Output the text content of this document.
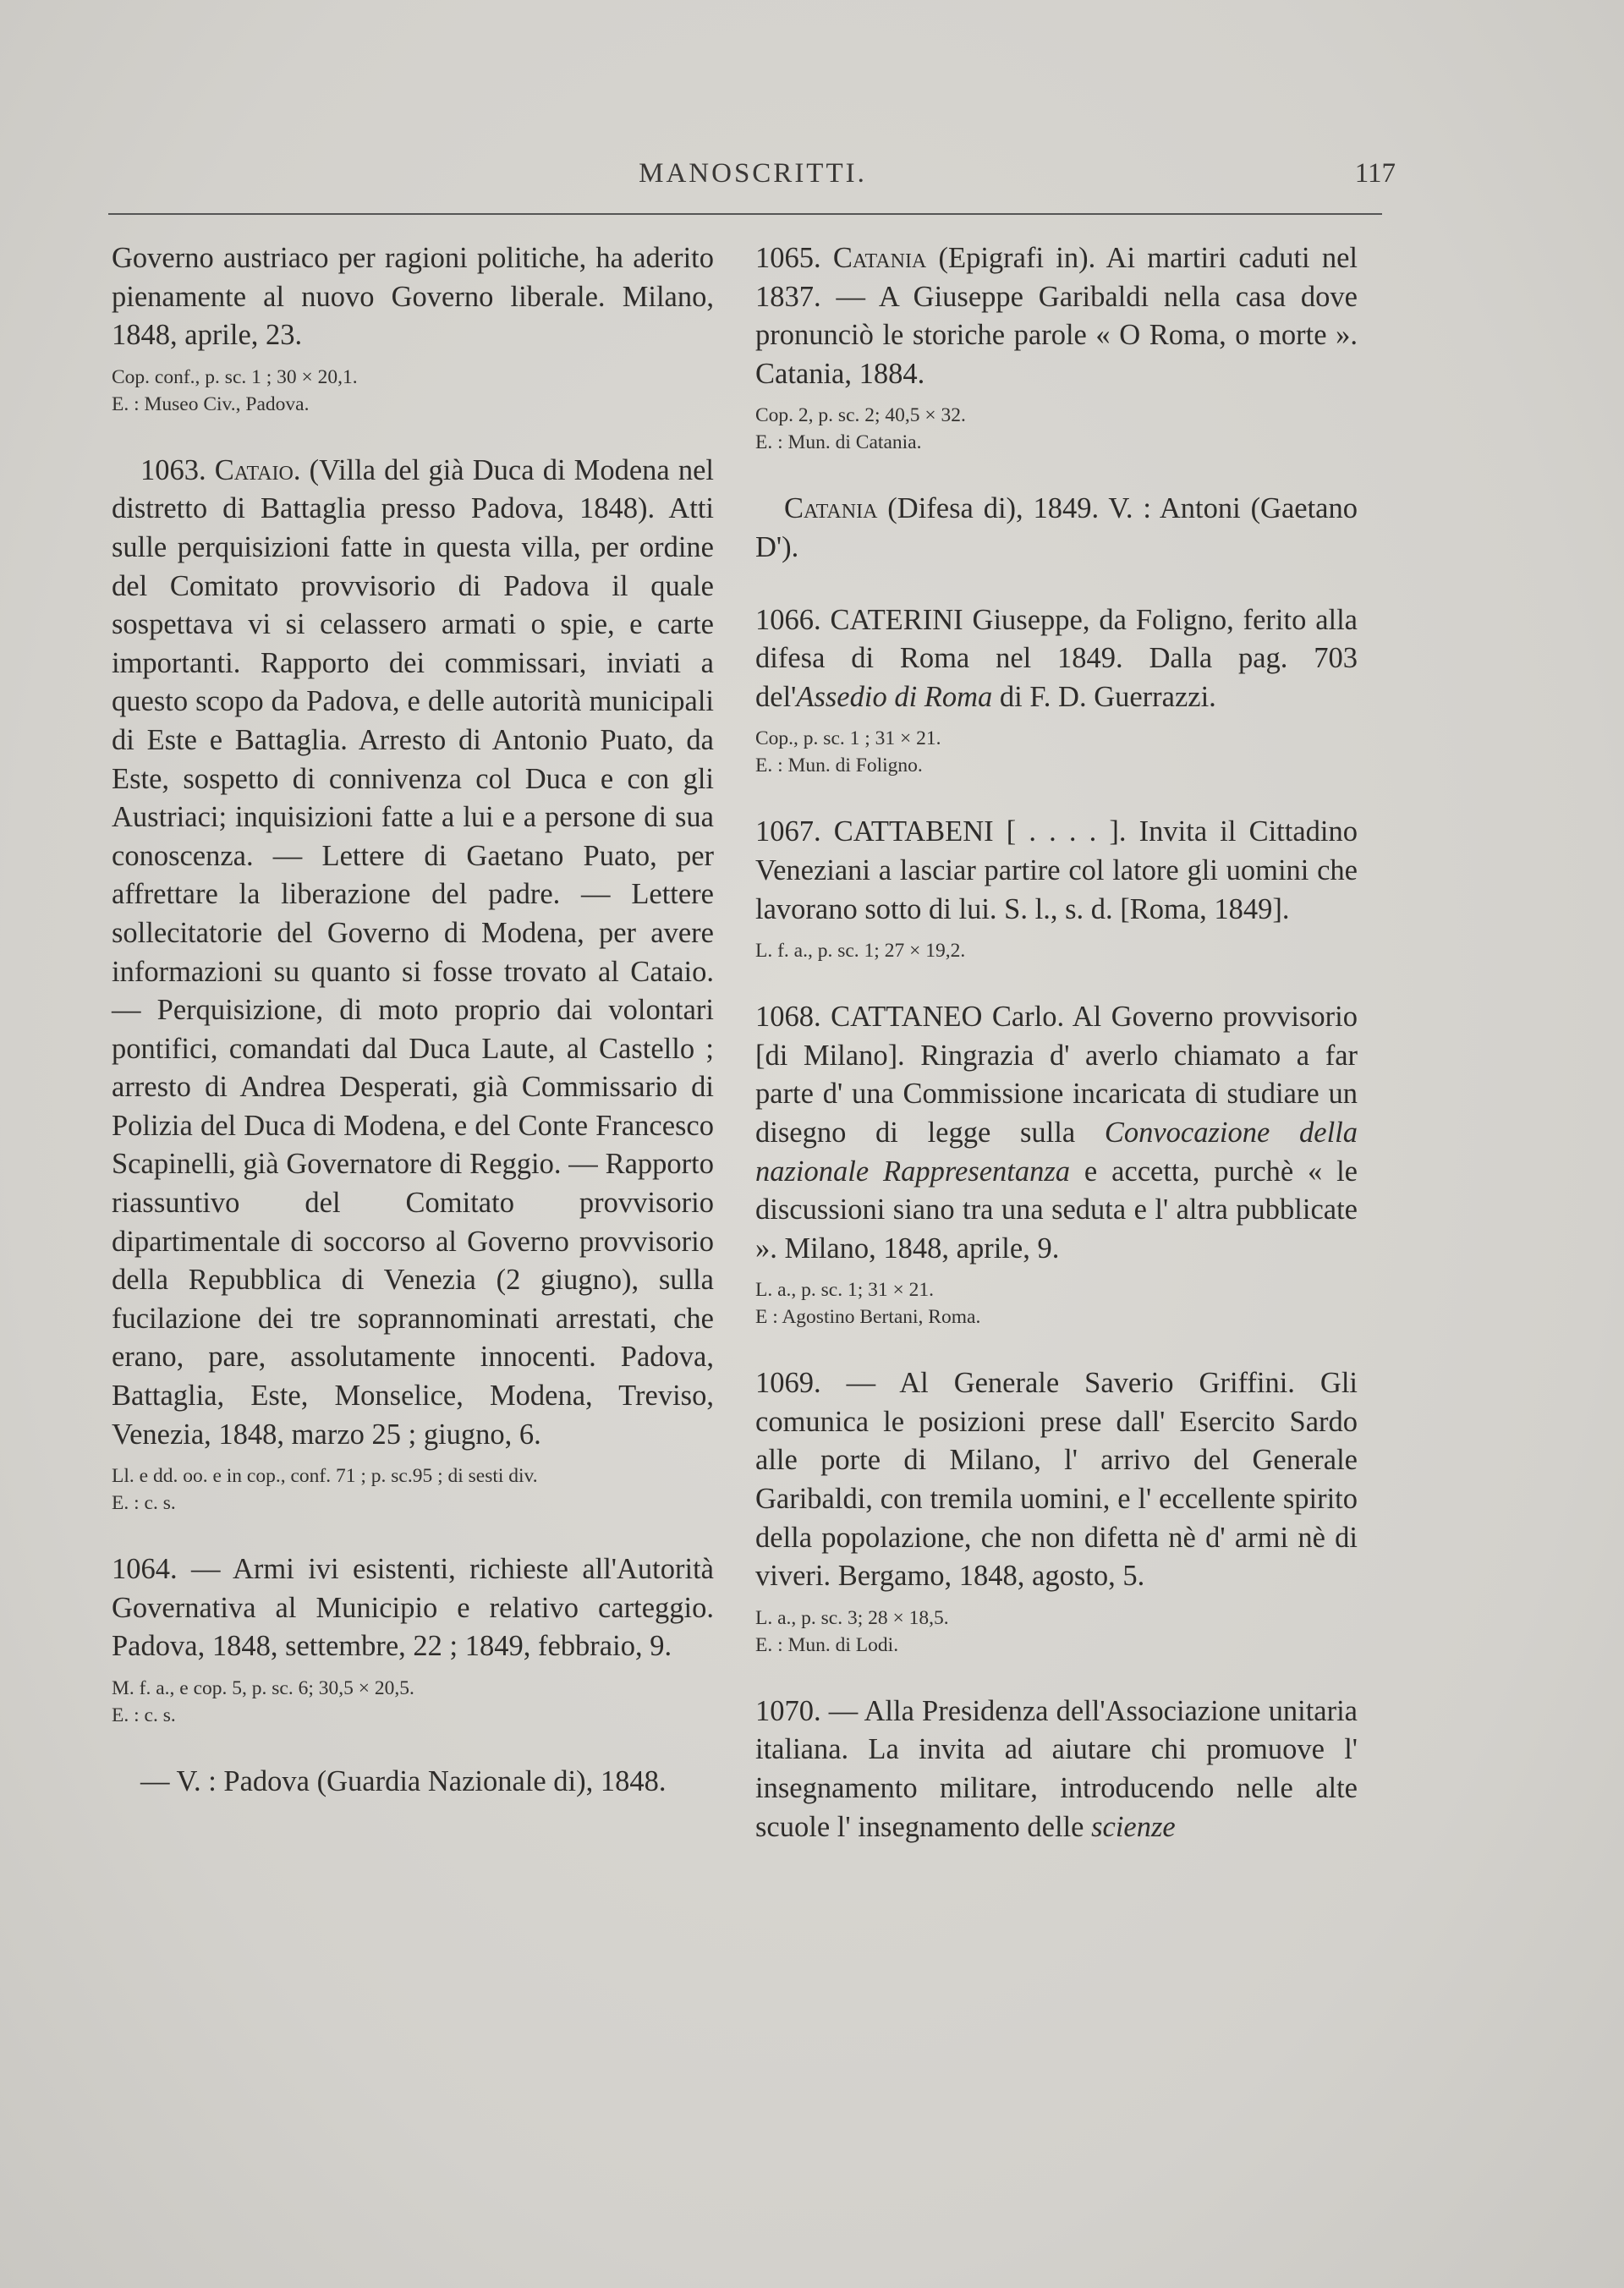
MANOSCRITTI.	117

Governo austriaco per ragioni politiche, ha aderito pienamente al nuovo Governo liberale. Milano, 1848, aprile, 23.

Cop. conf., p. sc. 1 ; 30 × 20,1.
E. : Museo Civ., Padova.

1063. Cataio. (Villa del già Duca di Modena nel distretto di Battaglia presso Padova, 1848). Atti sulle perquisizioni fatte in questa villa, per ordine del Comitato provvisorio di Padova il quale sospettava vi si celassero armati o spie, e carte importanti. Rapporto dei commissari, inviati a questo scopo da Padova, e delle autorità municipali di Este e Battaglia. Arresto di Antonio Puato, da Este, sospetto di connivenza col Duca e con gli Austriaci; inquisizioni fatte a lui e a persone di sua conoscenza. — Lettere di Gaetano Puato, per affrettare la liberazione del padre. — Lettere sollecitatorie del Governo di Modena, per avere informazioni su quanto si fosse trovato al Cataio. — Perquisizione, di moto proprio dai volontari pontifici, comandati dal Duca Laute, al Castello ; arresto di Andrea Desperati, già Commissario di Polizia del Duca di Modena, e del Conte Francesco Scapinelli, già Governatore di Reggio. — Rapporto riassuntivo del Comitato provvisorio dipartimentale di soccorso al Governo provvisorio della Repubblica di Venezia (2 giugno), sulla fucilazione dei tre soprannominati arrestati, che erano, pare, assolutamente innocenti. Padova, Battaglia, Este, Monselice, Modena, Treviso, Venezia, 1848, marzo 25 ; giugno, 6.

Ll. e dd. oo. e in cop., conf. 71 ; p. sc.95 ; di sesti div.
E. : c. s.

1064. — Armi ivi esistenti, richieste all'Autorità Governativa al Municipio e relativo carteggio. Padova, 1848, settembre, 22 ; 1849, febbraio, 9.

M. f. a., e cop. 5, p. sc. 6; 30,5 × 20,5.
E. : c. s.

— V. : Padova (Guardia Nazionale di), 1848.

1065. Catania (Epigrafi in). Ai martiri caduti nel 1837. — A Giuseppe Garibaldi nella casa dove pronunciò le storiche parole « O Roma, o morte ». Catania, 1884.

Cop. 2, p. sc. 2; 40,5 × 32.
E. : Mun. di Catania.

Catania (Difesa di), 1849. V. : Antoni (Gaetano D').

1066. CATERINI Giuseppe, da Foligno, ferito alla difesa di Roma nel 1849. Dalla pag. 703 del'Assedio di Roma di F. D. Guerrazzi.

Cop., p. sc. 1 ; 31 × 21.
E. : Mun. di Foligno.

1067. CATTABENI [ . . . . ]. Invita il Cittadino Veneziani a lasciar partire col latore gli uomini che lavorano sotto di lui. S. l., s. d. [Roma, 1849].

L. f. a., p. sc. 1; 27 × 19,2.

1068. CATTANEO Carlo. Al Governo provvisorio [di Milano]. Ringrazia d' averlo chiamato a far parte d' una Commissione incaricata di studiare un disegno di legge sulla Convocazione della nazionale Rappresentanza e accetta, purchè « le discussioni siano tra una seduta e l' altra pubblicate ». Milano, 1848, aprile, 9.

L. a., p. sc. 1; 31 × 21.
E : Agostino Bertani, Roma.

1069. — Al Generale Saverio Griffini. Gli comunica le posizioni prese dall' Esercito Sardo alle porte di Milano, l' arrivo del Generale Garibaldi, con tremila uomini, e l' eccellente spirito della popolazione, che non difetta nè d' armi nè di viveri. Bergamo, 1848, agosto, 5.

L. a., p. sc. 3; 28 × 18,5.
E. : Mun. di Lodi.

1070. — Alla Presidenza dell'Associazione unitaria italiana. La invita ad aiutare chi promuove l' insegnamento militare, introducendo nelle alte scuole l' insegnamento delle scienze
